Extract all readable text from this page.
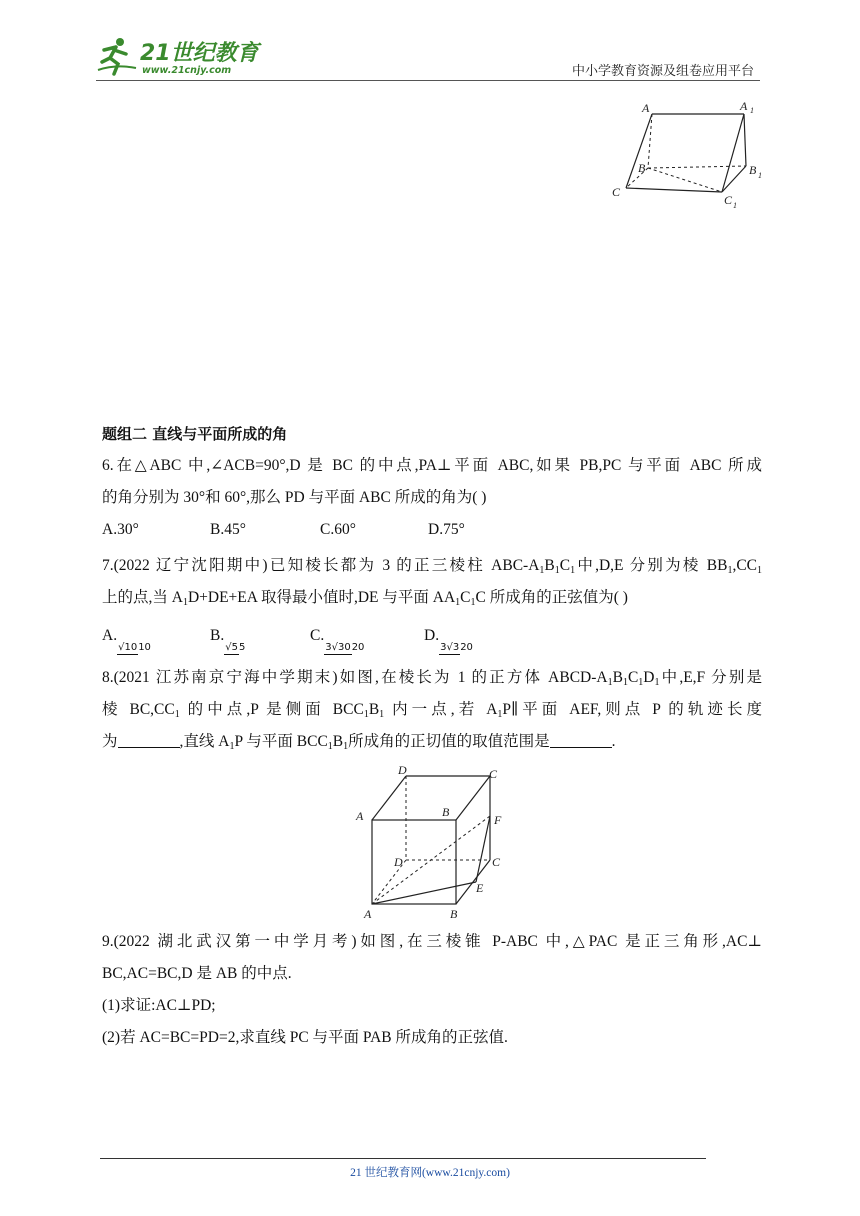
21世纪教育
www.21cnjy.com	中小学教育资源及组卷应用平台
A	A 1
B	B 1
C
C 1
题组二 直线与平面所成的角
6.在△ABC 中,∠ACB=90°,D 是 BC 的中点,PA⊥平面 ABC,如果 PB,PC 与平面 ABC 所成
的角分别为 30°和 60°,那么 PD 与平面 ABC 所成的角为( )
A.30°	B.45°	C.60°	D.75°
7.(2022 辽宁沈阳期中)已知棱长都为 3 的正三棱柱 ABC-$A_1B_1C_1$中,D,E 分别为棱 $BB_1,CC_1$
上的点,当 $A_1D+DE+EA$ 取得最小值时,DE 与平面 $AA_1C_1C$ 所成角的正弦值为( )
A.√1010B.√55C.3√3020D.3√320
8.(2021 江苏南京宁海中学期末)如图,在棱长为 1 的正方体 ABCD-$A_1B_1C_1D_1$中,E,F 分别是
棱 $BC,CC_1$ 的中点,P 是侧面 $BCC_1B_1$ 内一点,若 $A_1P\parallel$平面 AEF,则点 P 的轨迹长度
为	,直线 $A_1P$ 与平面 $BCC_1B_1$所成角的正切值的取值范围是	.
D	C
A	B
F
D	C
E
A	B
9.(2022 湖北武汉第一中学月考)如图,在三棱锥 P-ABC 中,△PAC 是正三角形,AC⊥
BC,AC=BC,D 是 AB 的中点.
(1)求证:AC⊥PD;
(2)若 AC=BC=PD=2,求直线 PC 与平面 PAB 所成角的正弦值.
21 世纪教育网(www.21cnjy.com)
